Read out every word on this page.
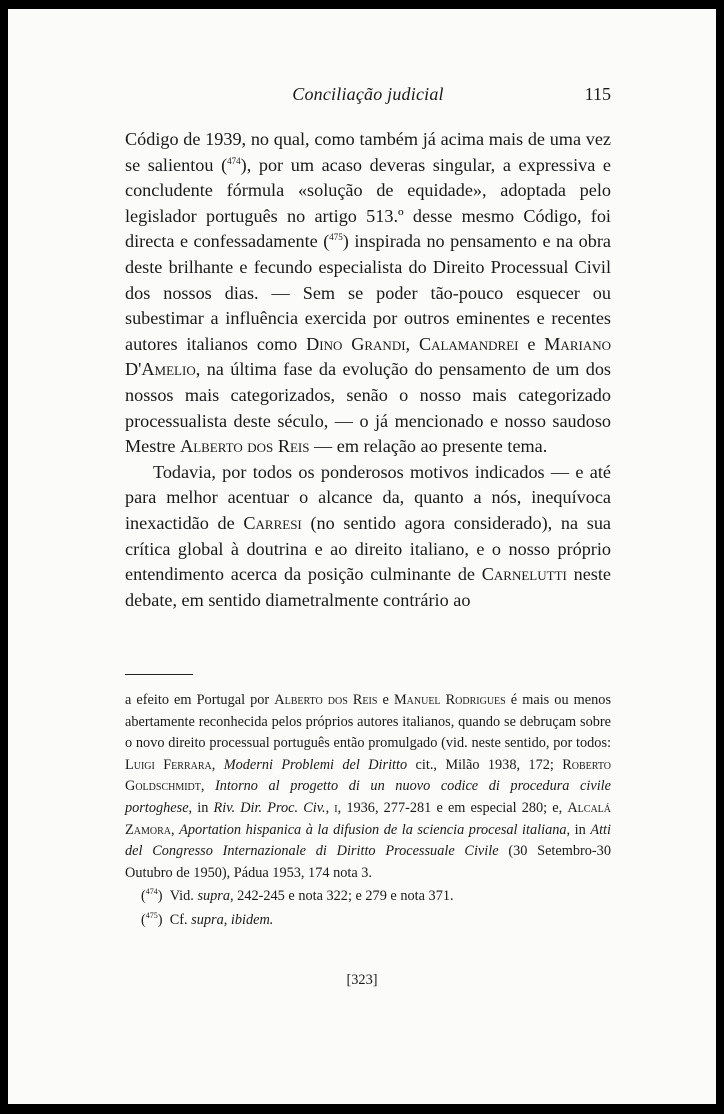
Conciliação judicial	115

Código de 1939, no qual, como também já acima mais de uma vez se salientou ($^{474}$), por um acaso deveras singular, a expressiva e concludente fórmula «solução de equidade», adoptada pelo legislador português no artigo 513.º desse mesmo Código, foi directa e confessadamente ($^{475}$) inspirada no pensamento e na obra deste brilhante e fecundo especialista do Direito Processual Civil dos nossos dias. — Sem se poder tão-pouco esquecer ou subestimar a influência exercida por outros eminentes e recentes autores italianos como Dino Grandi, Calamandrei e Mariano D'Amelio, na última fase da evolução do pensamento de um dos nossos mais categorizados, senão o nosso mais categorizado processualista deste século, — o já mencionado e nosso saudoso Mestre Alberto dos Reis — em relação ao presente tema.

Todavia, por todos os ponderosos motivos indicados — e até para melhor acentuar o alcance da, quanto a nós, inequívoca inexactidão de Carresi (no sentido agora considerado), na sua crítica global à doutrina e ao direito italiano, e o nosso próprio entendimento acerca da posição culminante de Carnelutti neste debate, em sentido diametralmente contrário ao

a efeito em Portugal por Alberto dos Reis e Manuel Rodrigues é mais ou menos abertamente reconhecida pelos próprios autores italianos, quando se debruçam sobre o novo direito processual português então promulgado (vid. neste sentido, por todos: Luigi Ferrara, Moderni Problemi del Diritto cit., Milão 1938, 172; Roberto Goldschmidt, Intorno al progetto di un nuovo codice di procedura civile portoghese, in Riv. Dir. Proc. Civ., i, 1936, 277-281 e em especial 280; e, Alcalá Zamora, Aportation hispanica à la difusion de la sciencia procesal italiana, in Atti del Congresso Internazionale di Diritto Processuale Civile (30 Setembro-30 Outubro de 1950), Pádua 1953, 174 nota 3.

($^{474}$)  Vid. supra, 242-245 e nota 322; e 279 e nota 371.

($^{475}$)  Cf. supra, ibidem.

[323]
